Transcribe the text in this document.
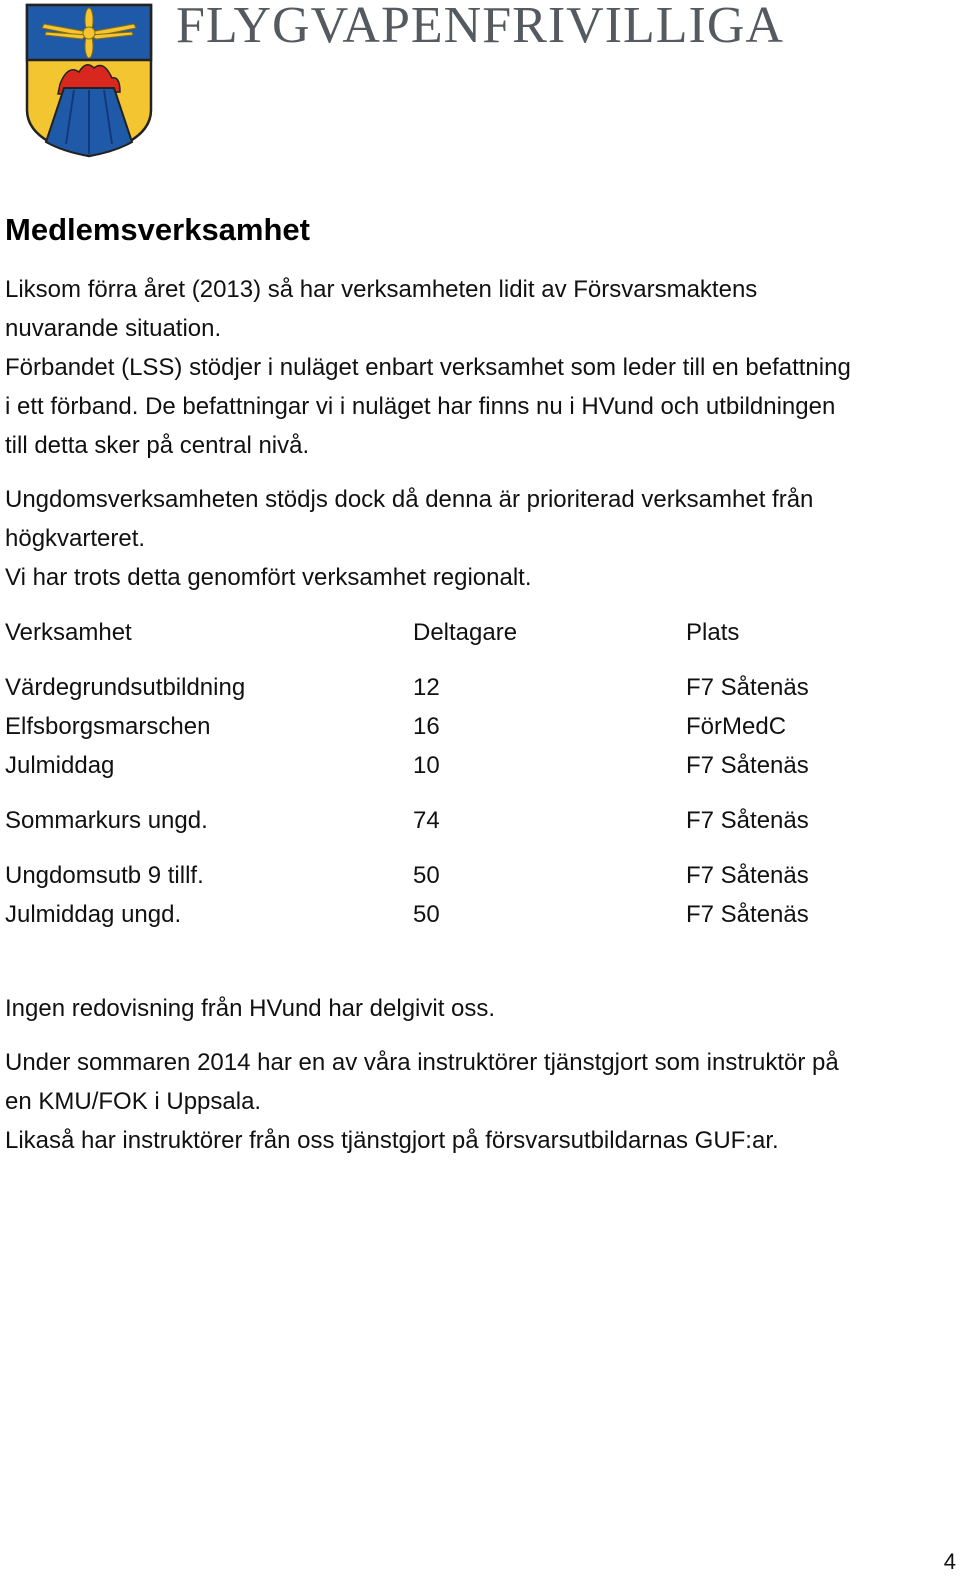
FLYGVAPENFRIVILLIGA
Medlemsverksamhet

Liksom förra året (2013) så har verksamheten lidit av Försvarsmaktens

nuvarande situation.

Förbandet (LSS) stödjer i nuläget enbart verksamhet som leder till en befattning

i ett förband. De befattningar vi i nuläget har finns nu i HVund och utbildningen

till detta sker på central nivå.

Ungdomsverksamheten stödjs dock då denna är prioriterad verksamhet från

högkvarteret.

Vi har trots detta genomfört verksamhet regionalt.

Verksamhet	Deltagare	Plats
Värdegrundsutbildning	12	F7 Såtenäs
Elfsborgsmarschen	16	FörMedC
Julmiddag	10	F7 Såtenäs
Sommarkurs ungd.	74	F7 Såtenäs
Ungdomsutb 9 tillf.	50	F7 Såtenäs
Julmiddag ungd.	50	F7 Såtenäs

Ingen redovisning från HVund har delgivit oss.

Under sommaren 2014 har en av våra instruktörer tjänstgjort som instruktör på

en KMU/FOK i Uppsala.

Likaså har instruktörer från oss tjänstgjort på försvarsutbildarnas GUF:ar.

4
